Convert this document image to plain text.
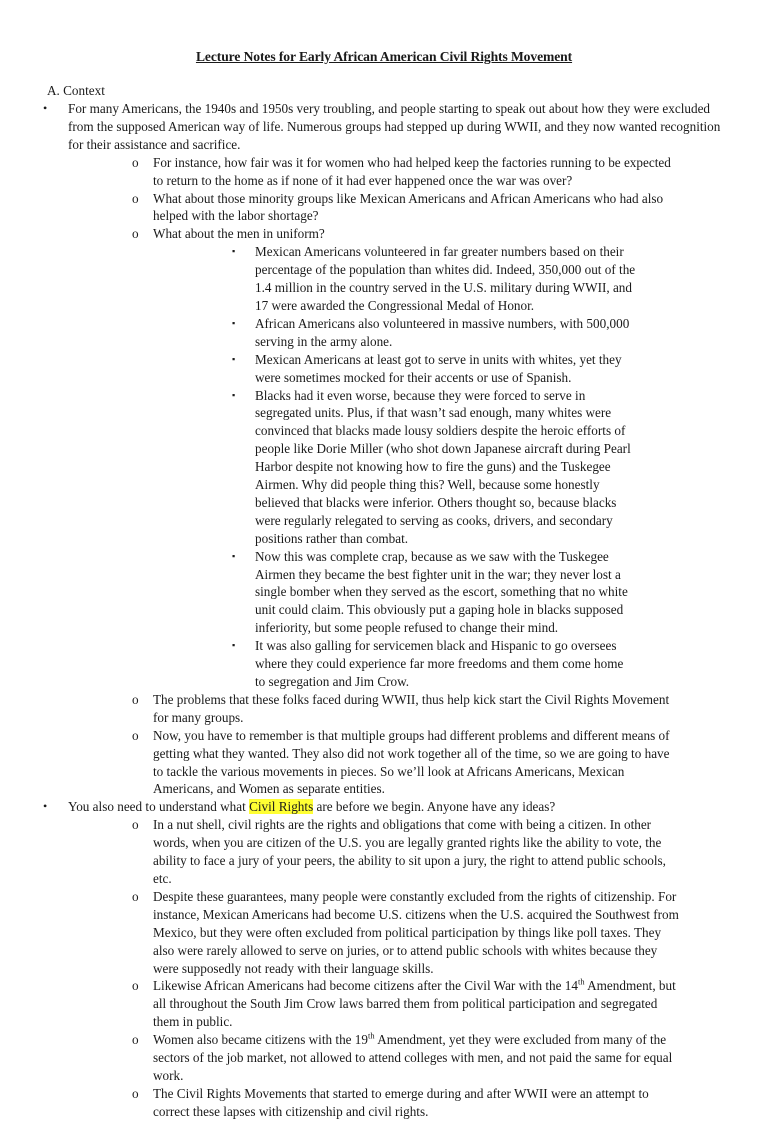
Lecture Notes for Early African American Civil Rights Movement
A. Context
• For many Americans, the 1940s and 1950s very troubling, and people starting to speak out about how they were excluded from the supposed American way of life. Numerous groups had stepped up during WWII, and they now wanted recognition for their assistance and sacrifice.
o For instance, how fair was it for women who had helped keep the factories running to be expected to return to the home as if none of it had ever happened once the war was over?
o What about those minority groups like Mexican Americans and African Americans who had also helped with the labor shortage?
o What about the men in uniform?
▪ Mexican Americans volunteered in far greater numbers based on their percentage of the population than whites did. Indeed, 350,000 out of the 1.4 million in the country served in the U.S. military during WWII, and 17 were awarded the Congressional Medal of Honor.
▪ African Americans also volunteered in massive numbers, with 500,000 serving in the army alone.
▪ Mexican Americans at least got to serve in units with whites, yet they were sometimes mocked for their accents or use of Spanish.
▪ Blacks had it even worse, because they were forced to serve in segregated units. Plus, if that wasn’t sad enough, many whites were convinced that blacks made lousy soldiers despite the heroic efforts of people like Dorie Miller (who shot down Japanese aircraft during Pearl Harbor despite not knowing how to fire the guns) and the Tuskegee Airmen. Why did people thing this? Well, because some honestly believed that blacks were inferior. Others thought so, because blacks were regularly relegated to serving as cooks, drivers, and secondary positions rather than combat.
▪ Now this was complete crap, because as we saw with the Tuskegee Airmen they became the best fighter unit in the war; they never lost a single bomber when they served as the escort, something that no white unit could claim. This obviously put a gaping hole in blacks supposed inferiority, but some people refused to change their mind.
▪ It was also galling for servicemen black and Hispanic to go oversees where they could experience far more freedoms and them come home to segregation and Jim Crow.
o The problems that these folks faced during WWII, thus help kick start the Civil Rights Movement for many groups.
o Now, you have to remember is that multiple groups had different problems and different means of getting what they wanted. They also did not work together all of the time, so we are going to have to tackle the various movements in pieces. So we’ll look at Africans Americans, Mexican Americans, and Women as separate entities.
• You also need to understand what Civil Rights are before we begin. Anyone have any ideas?
o In a nut shell, civil rights are the rights and obligations that come with being a citizen. In other words, when you are citizen of the U.S. you are legally granted rights like the ability to vote, the ability to face a jury of your peers, the ability to sit upon a jury, the right to attend public schools, etc.
o Despite these guarantees, many people were constantly excluded from the rights of citizenship. For instance, Mexican Americans had become U.S. citizens when the U.S. acquired the Southwest from Mexico, but they were often excluded from political participation by things like poll taxes. They also were rarely allowed to serve on juries, or to attend public schools with whites because they were supposedly not ready with their language skills.
o Likewise African Americans had become citizens after the Civil War with the 14th Amendment, but all throughout the South Jim Crow laws barred them from political participation and segregated them in public.
o Women also became citizens with the 19th Amendment, yet they were excluded from many of the sectors of the job market, not allowed to attend colleges with men, and not paid the same for equal work.
o The Civil Rights Movements that started to emerge during and after WWII were an attempt to correct these lapses with citizenship and civil rights.
